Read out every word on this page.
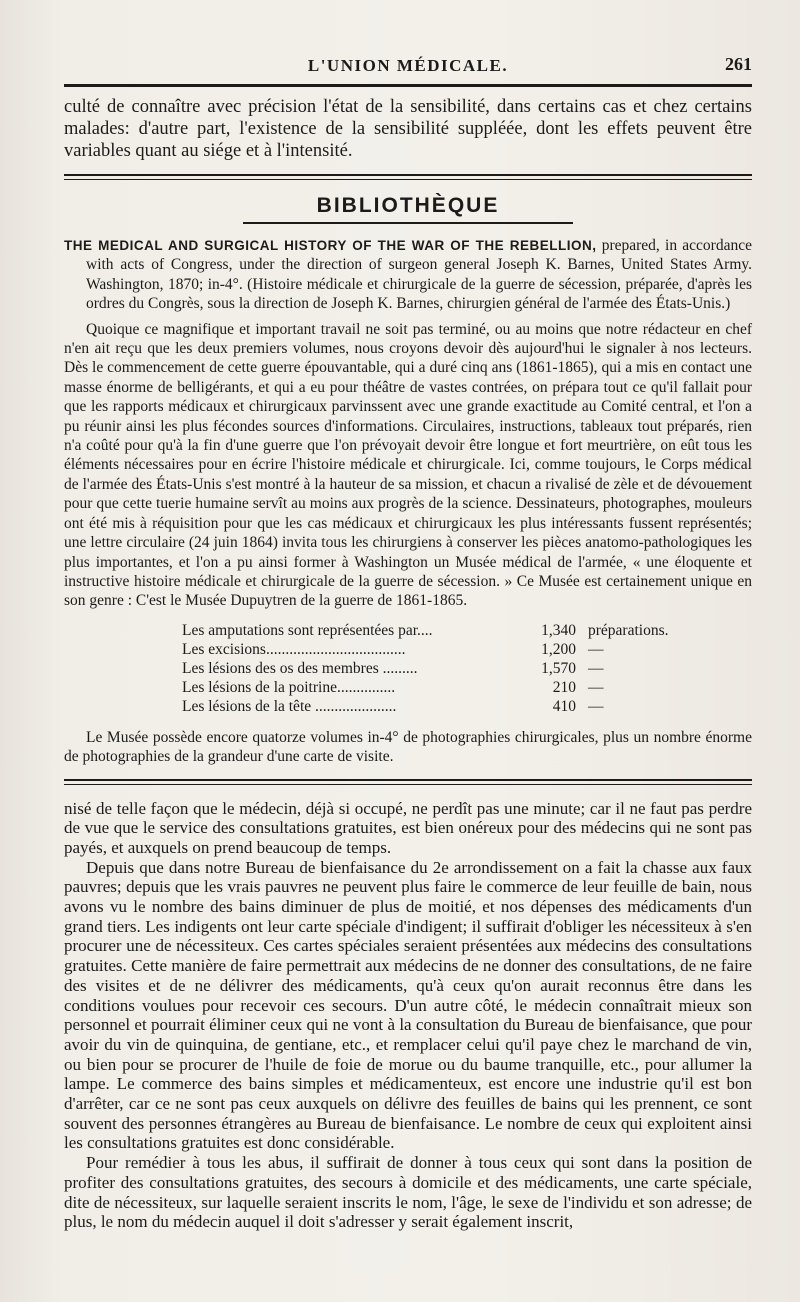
L'UNION MÉDICALE.	261

culté de connaître avec précision l'état de la sensibilité, dans certains cas et chez certains malades: d'autre part, l'existence de la sensibilité suppléée, dont les effets peuvent être variables quant au siége et à l'intensité.

BIBLIOTHÈQUE

THE MEDICAL AND SURGICAL HISTORY OF THE WAR OF THE REBELLION, prepared, in accordance with acts of Congress, under the direction of surgeon general Joseph K. Barnes, United States Army. Washington, 1870; in-4°. (Histoire médicale et chirurgicale de la guerre de sécession, préparée, d'après les ordres du Congrès, sous la direction de Joseph K. Barnes, chirurgien général de l'armée des États-Unis.)

Quoique ce magnifique et important travail ne soit pas terminé, ou au moins que notre rédacteur en chef n'en ait reçu que les deux premiers volumes, nous croyons devoir dès aujourd'hui le signaler à nos lecteurs. Dès le commencement de cette guerre épouvantable, qui a duré cinq ans (1861-1865), qui a mis en contact une masse énorme de belligérants, et qui a eu pour théâtre de vastes contrées, on prépara tout ce qu'il fallait pour que les rapports médicaux et chirurgicaux parvinssent avec une grande exactitude au Comité central, et l'on a pu réunir ainsi les plus fécondes sources d'informations. Circulaires, instructions, tableaux tout préparés, rien n'a coûté pour qu'à la fin d'une guerre que l'on prévoyait devoir être longue et fort meurtrière, on eût tous les éléments nécessaires pour en écrire l'histoire médicale et chirurgicale. Ici, comme toujours, le Corps médical de l'armée des États-Unis s'est montré à la hauteur de sa mission, et chacun a rivalisé de zèle et de dévouement pour que cette tuerie humaine servît au moins aux progrès de la science. Dessinateurs, photographes, mouleurs ont été mis à réquisition pour que les cas médicaux et chirurgicaux les plus intéressants fussent représentés; une lettre circulaire (24 juin 1864) invita tous les chirurgiens à conserver les pièces anatomo-pathologiques les plus importantes, et l'on a pu ainsi former à Washington un Musée médical de l'armée, « une éloquente et instructive histoire médicale et chirurgicale de la guerre de sécession. » Ce Musée est certainement unique en son genre : C'est le Musée Dupuytren de la guerre de 1861-1865.

Les amputations sont représentées par....	1,340	préparations.
Les excisions....................................	1,200	—
Les lésions des os des membres .........	1,570	—
Les lésions de la poitrine...............	210	—
Les lésions de la tête .....................	410	—

Le Musée possède encore quatorze volumes in-4° de photographies chirurgicales, plus un nombre énorme de photographies de la grandeur d'une carte de visite.

nisé de telle façon que le médecin, déjà si occupé, ne perdît pas une minute; car il ne faut pas perdre de vue que le service des consultations gratuites, est bien onéreux pour des médecins qui ne sont pas payés, et auxquels on prend beaucoup de temps.

Depuis que dans notre Bureau de bienfaisance du 2e arrondissement on a fait la chasse aux faux pauvres; depuis que les vrais pauvres ne peuvent plus faire le commerce de leur feuille de bain, nous avons vu le nombre des bains diminuer de plus de moitié, et nos dépenses des médicaments d'un grand tiers. Les indigents ont leur carte spéciale d'indigent; il suffirait d'obliger les nécessiteux à s'en procurer une de nécessiteux. Ces cartes spéciales seraient présentées aux médecins des consultations gratuites. Cette manière de faire permettrait aux médecins de ne donner des consultations, de ne faire des visites et de ne délivrer des médicaments, qu'à ceux qu'on aurait reconnus être dans les conditions voulues pour recevoir ces secours. D'un autre côté, le médecin connaîtrait mieux son personnel et pourrait éliminer ceux qui ne vont à la consultation du Bureau de bienfaisance, que pour avoir du vin de quinquina, de gentiane, etc., et remplacer celui qu'il paye chez le marchand de vin, ou bien pour se procurer de l'huile de foie de morue ou du baume tranquille, etc., pour allumer la lampe. Le commerce des bains simples et médicamenteux, est encore une industrie qu'il est bon d'arrêter, car ce ne sont pas ceux auxquels on délivre des feuilles de bains qui les prennent, ce sont souvent des personnes étrangères au Bureau de bienfaisance. Le nombre de ceux qui exploitent ainsi les consultations gratuites est donc considérable.

Pour remédier à tous les abus, il suffirait de donner à tous ceux qui sont dans la position de profiter des consultations gratuites, des secours à domicile et des médicaments, une carte spéciale, dite de nécessiteux, sur laquelle seraient inscrits le nom, l'âge, le sexe de l'individu et son adresse; de plus, le nom du médecin auquel il doit s'adresser y serait également inscrit,
